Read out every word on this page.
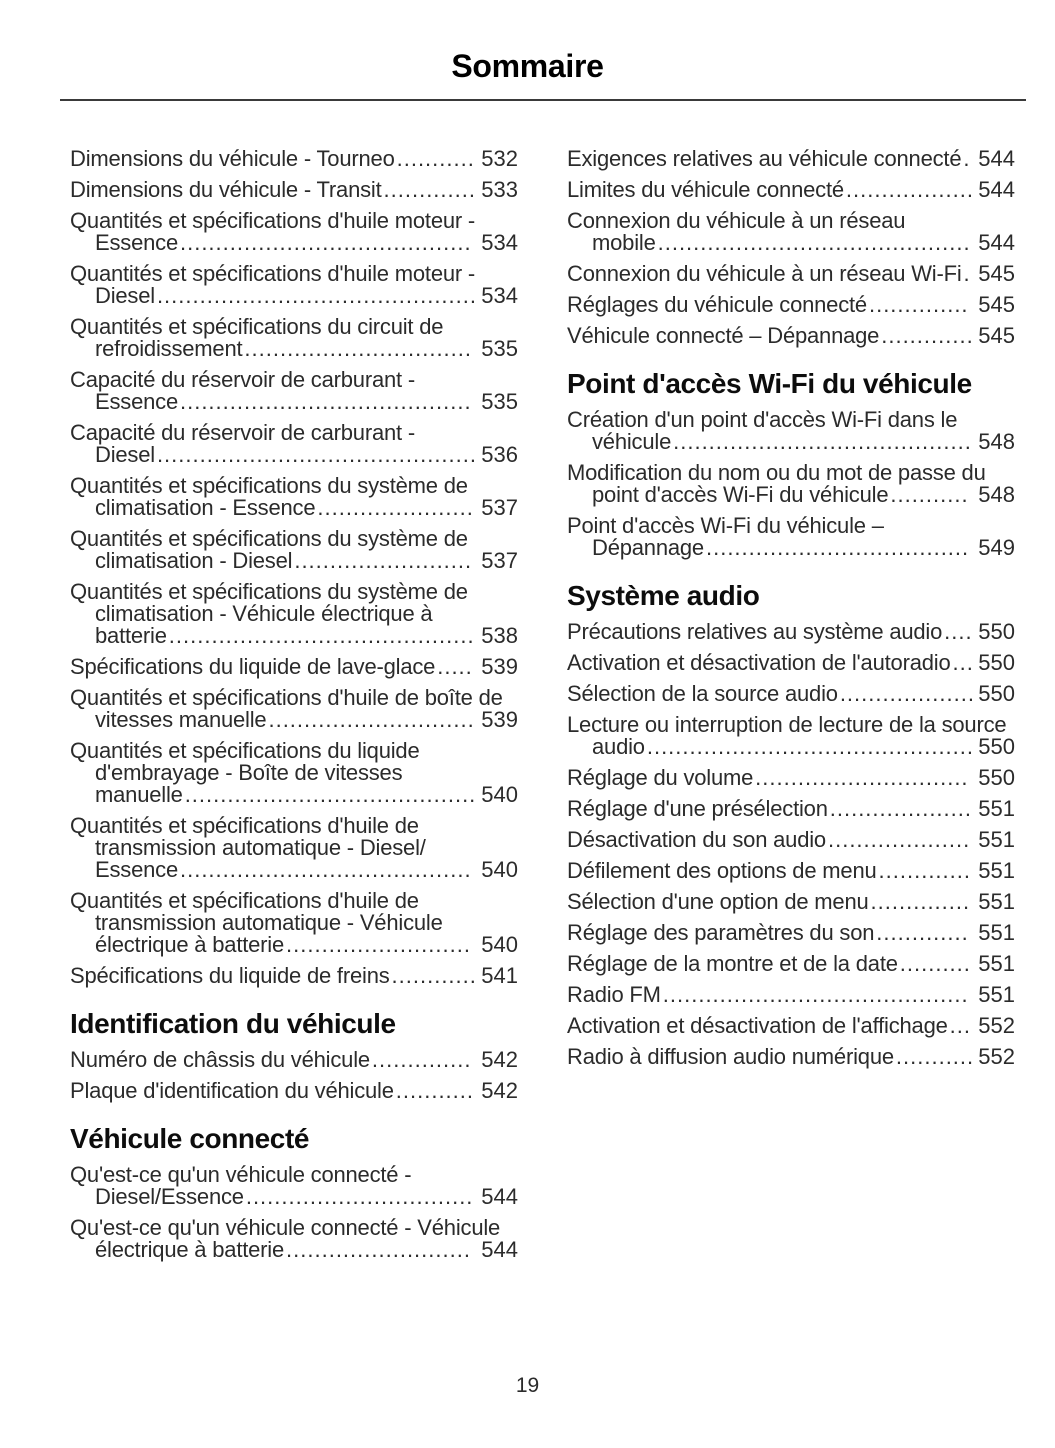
Sommaire
Dimensions du véhicule - Tourneo........... 532
Dimensions du véhicule - Transit............. 533
Quantités et spécifications d'huile moteur - Essence......................................... 534
Quantités et spécifications d'huile moteur - Diesel............................................. 534
Quantités et spécifications du circuit de refroidissement................................ 535
Capacité du réservoir de carburant - Essence......................................... 535
Capacité du réservoir de carburant - Diesel............................................. 536
Quantités et spécifications du système de climatisation - Essence...................... 537
Quantités et spécifications du système de climatisation - Diesel......................... 537
Quantités et spécifications du système de climatisation - Véhicule électrique à batterie........................................... 538
Spécifications du liquide de lave-glace..... 539
Quantités et spécifications d'huile de boîte de vitesses manuelle............................. 539
Quantités et spécifications du liquide d'embrayage - Boîte de vitesses manuelle......................................... 540
Quantités et spécifications d'huile de transmission automatique - Diesel/ Essence......................................... 540
Quantités et spécifications d'huile de transmission automatique - Véhicule électrique à batterie.......................... 540
Spécifications du liquide de freins............ 541
Identification du véhicule
Numéro de châssis du véhicule.............. 542
Plaque d'identification du véhicule........... 542
Véhicule connecté
Qu'est-ce qu'un véhicule connecté - Diesel/Essence................................ 544
Qu'est-ce qu'un véhicule connecté - Véhicule électrique à batterie.......................... 544
Exigences relatives au véhicule connecté. 544
Limites du véhicule connecté.................. 544
Connexion du véhicule à un réseau mobile............................................ 544
Connexion du véhicule à un réseau Wi-Fi. 545
Réglages du véhicule connecté.............. 545
Véhicule connecté – Dépannage............. 545
Point d'accès Wi-Fi du véhicule
Création d'un point d'accès Wi-Fi dans le véhicule.......................................... 548
Modification du nom ou du mot de passe du point d'accès Wi-Fi du véhicule........... 548
Point d'accès Wi-Fi du véhicule – Dépannage..................................... 549
Système audio
Précautions relatives au système audio.... 550
Activation et désactivation de l'autoradio... 550
Sélection de la source audio................... 550
Lecture ou interruption de lecture de la source audio.............................................. 550
Réglage du volume.............................. 550
Réglage d'une présélection.................... 551
Désactivation du son audio.................... 551
Défilement des options de menu............. 551
Sélection d'une option de menu.............. 551
Réglage des paramètres du son............. 551
Réglage de la montre et de la date.......... 551
Radio FM........................................... 551
Activation et désactivation de l'affichage... 552
Radio à diffusion audio numérique........... 552
19
